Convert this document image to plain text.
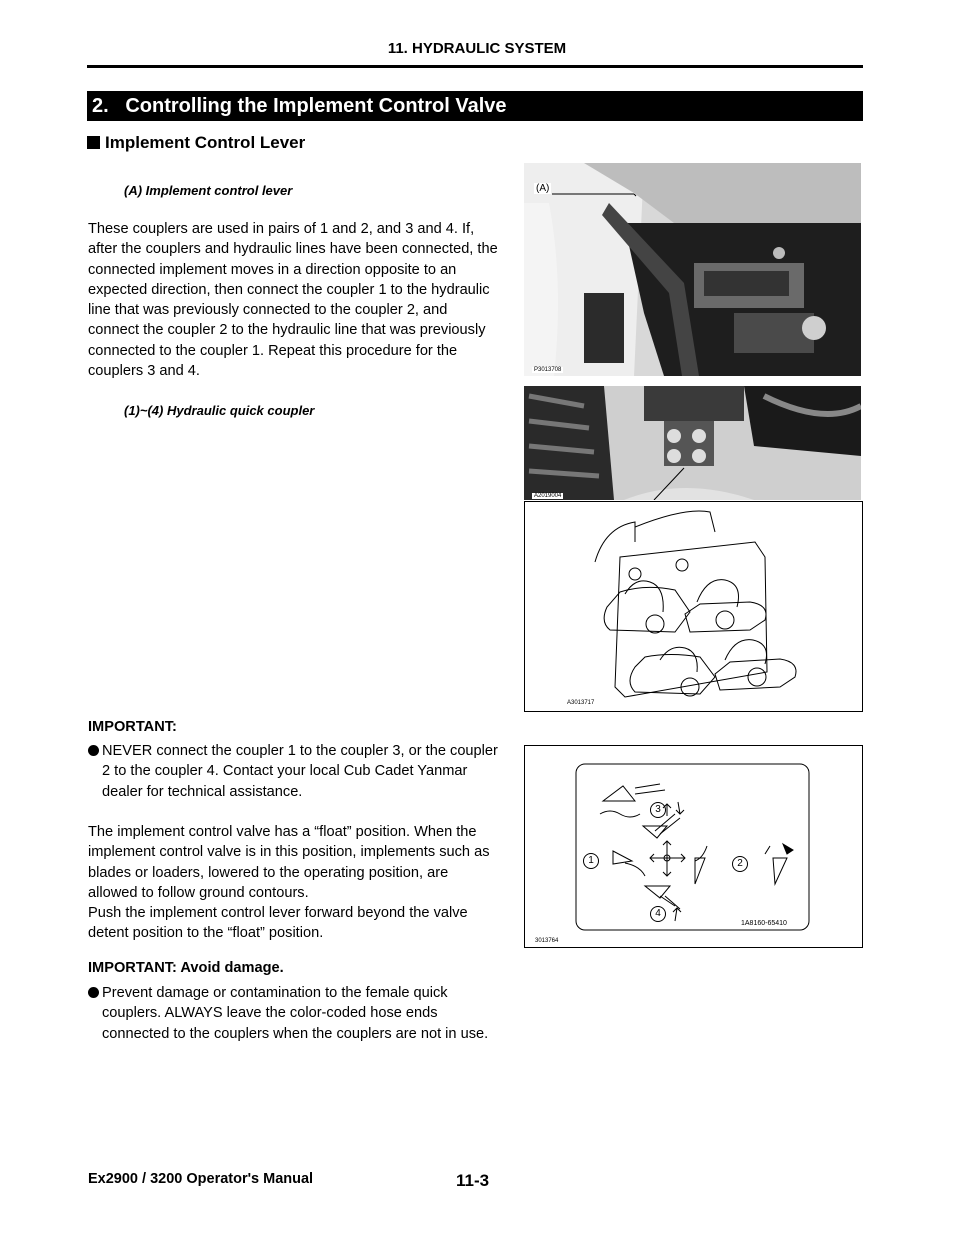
11. HYDRAULIC SYSTEM
2.   Controlling the Implement Control Valve
Implement Control Lever
(A) Implement control lever
These couplers are used in pairs of 1 and 2, and 3 and 4. If, after the couplers and hydraulic lines have been connected, the connected implement moves in a direction opposite to an expected direction, then connect the coupler 1 to the hydraulic line that was previously connected to the coupler 2, and connect the coupler 2 to the hydraulic line that was previously connected to the coupler 1. Repeat this procedure for the couplers 3 and 4.
(1)~(4) Hydraulic quick coupler
IMPORTANT:
NEVER connect the coupler 1 to the coupler 3, or the coupler 2 to the coupler 4. Contact your local Cub Cadet Yanmar dealer for technical assistance.
The implement control valve has a “float” position. When the implement control valve is in this position, implements such as blades or loaders, lowered to the operating position, are allowed to follow ground contours.
Push the implement control lever forward beyond the valve detent position to the “float” position.
IMPORTANT: Avoid damage.
Prevent damage or contamination to the female quick couplers. ALWAYS leave the color-coded hose ends connected to the couplers when the couplers are not in use.
(A)
P3013708
A2019004
A3013717
3
1	2
4
1A8160-65410
3013764
Ex2900 / 3200 Operator's Manual	11-3
